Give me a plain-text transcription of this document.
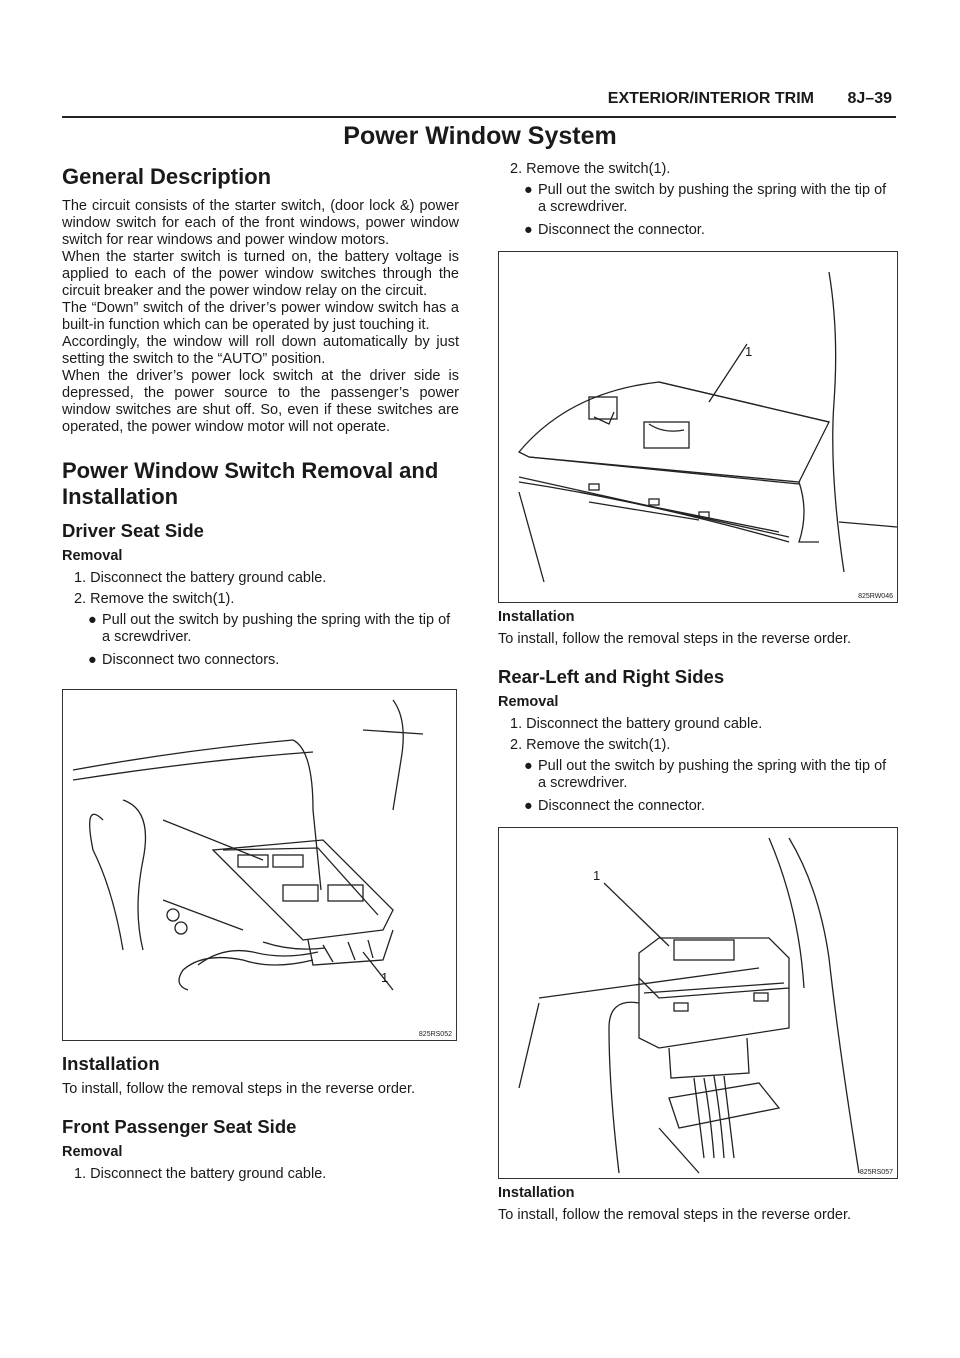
EXTERIOR/INTERIOR TRIM 8J–39
Power Window System
General Description

The circuit consists of the starter switch, (door lock &) power window switch for each of the front windows, power window switch for rear windows and power window motors.

When the starter switch is turned on, the battery voltage is applied to each of the power window switches through the circuit breaker and the power window relay on the circuit.

The “Down” switch of the driver’s power window switch has a built-in function which can be operated by just touching it.

Accordingly, the window will roll down automatically by just setting the switch to the “AUTO” position.

When the driver’s power lock switch at the driver side is depressed, the power source to the passenger’s power window switches are shut off. So, even if these switches are operated, the power window motor will not operate.

Power Window Switch Removal and Installation
Driver Seat Side
Removal
1. Disconnect the battery ground cable.
2. Remove the switch(1).
● Pull out the switch by pushing the spring with the tip of a screwdriver.
● Disconnect two connectors.
825RS052
1
Installation

To install, follow the removal steps in the reverse order.

Front Passenger Seat Side
Removal
1. Disconnect the battery ground cable.
2. Remove the switch(1).
● Pull out the switch by pushing the spring with the tip of a screwdriver.
● Disconnect the connector.
825RW046
1
Installation

To install, follow the removal steps in the reverse order.

Rear-Left and Right Sides
Removal
1. Disconnect the battery ground cable.
2. Remove the switch(1).
● Pull out the switch by pushing the spring with the tip of a screwdriver.
● Disconnect the connector.
825RS057
1
Installation

To install, follow the removal steps in the reverse order.
